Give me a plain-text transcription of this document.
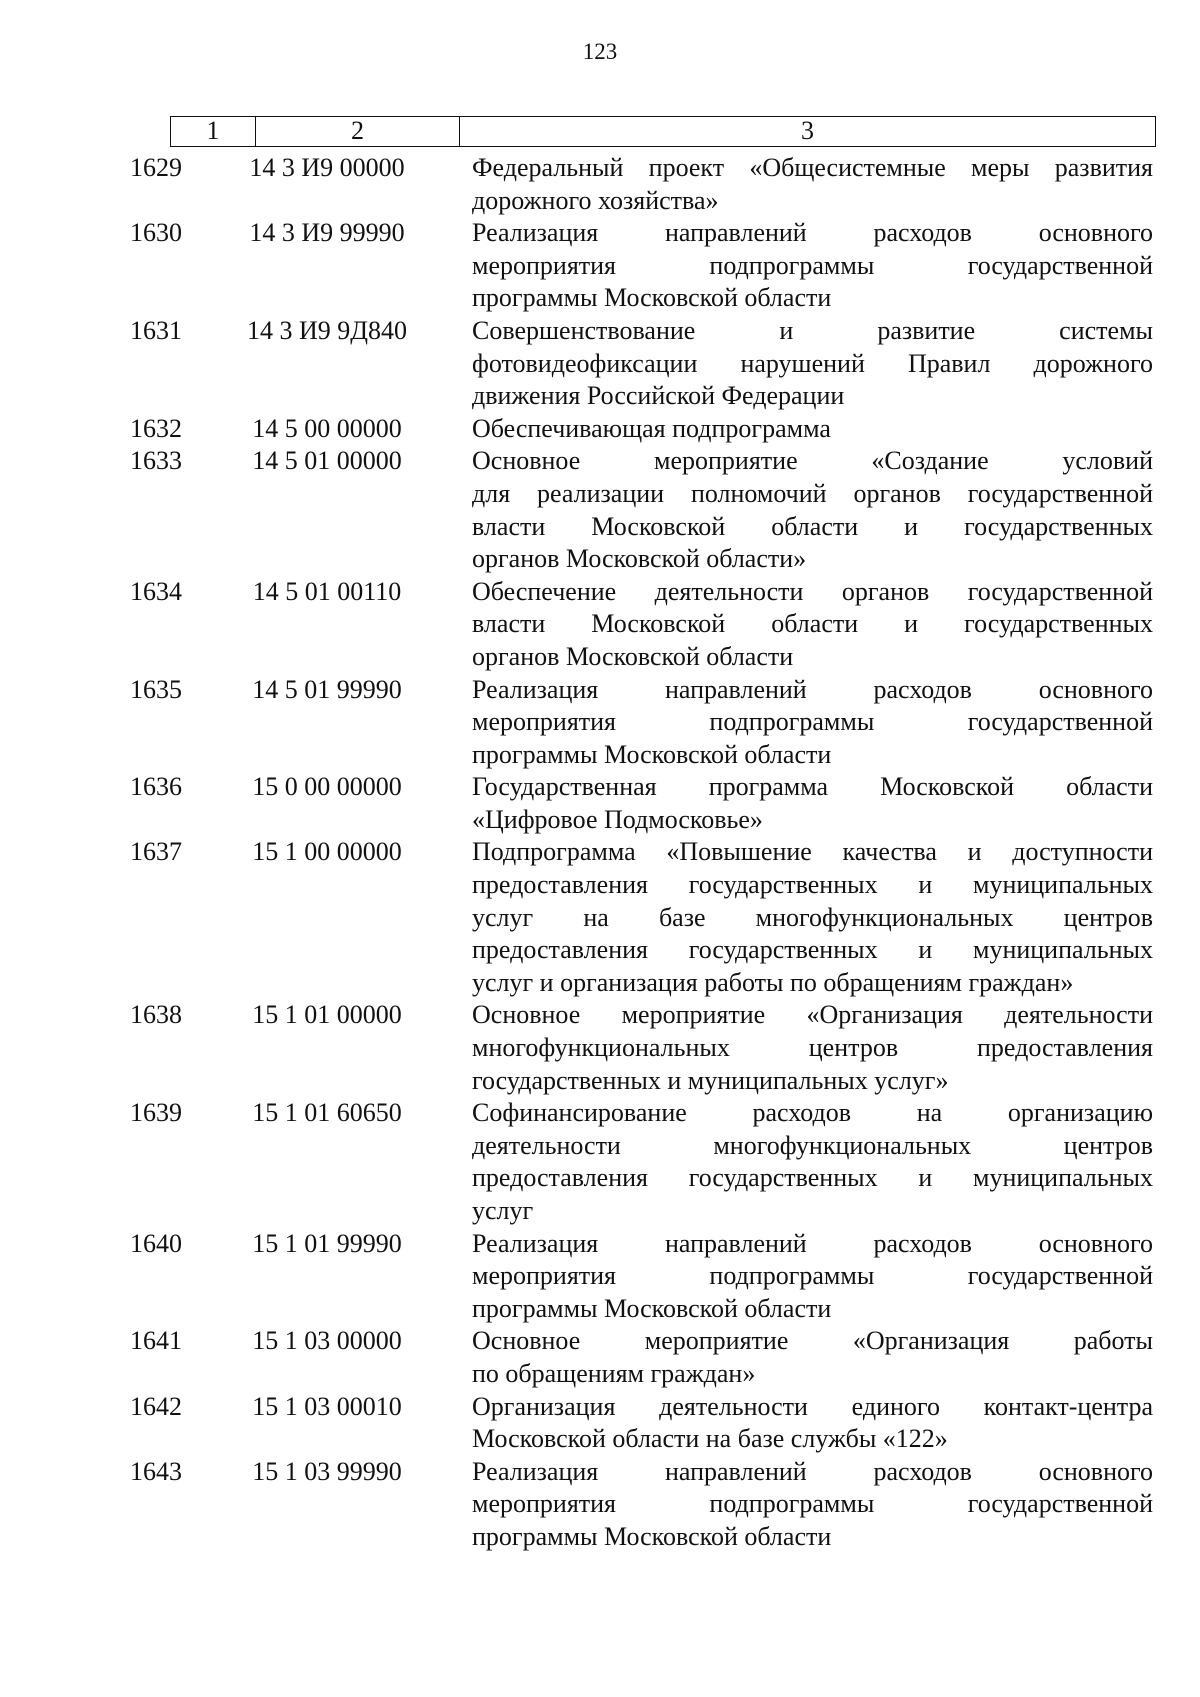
123
1	2	3
1629	14 3 И9 00000	Федеральный проект «Общесистемные меры развития
дорожного хозяйства»
1630	14 3 И9 99990	Реализация направлений расходов основного
мероприятия подпрограммы государственной
программы Московской области
1631	14 3 И9 9Д840	Совершенствование и развитие системы
фотовидеофиксации нарушений Правил дорожного
движения Российской Федерации
1632	14 5 00 00000	Обеспечивающая подпрограмма
1633	14 5 01 00000	Основное мероприятие «Создание условий
для реализации полномочий органов государственной
власти Московской области и государственных
органов Московской области»
1634	14 5 01 00110	Обеспечение деятельности органов государственной
власти Московской области и государственных
органов Московской области
1635	14 5 01 99990	Реализация направлений расходов основного
мероприятия подпрограммы государственной
программы Московской области
1636	15 0 00 00000	Государственная программа Московской области
«Цифровое Подмосковье»
1637	15 1 00 00000	Подпрограмма «Повышение качества и доступности
предоставления государственных и муниципальных
услуг на базе многофункциональных центров
предоставления государственных и муниципальных
услуг и организация работы по обращениям граждан»
1638	15 1 01 00000	Основное мероприятие «Организация деятельности
многофункциональных центров предоставления
государственных и муниципальных услуг»
1639	15 1 01 60650	Софинансирование расходов на организацию
деятельности многофункциональных центров
предоставления государственных и муниципальных
услуг
1640	15 1 01 99990	Реализация направлений расходов основного
мероприятия подпрограммы государственной
программы Московской области
1641	15 1 03 00000	Основное мероприятие «Организация работы
по обращениям граждан»
1642	15 1 03 00010	Организация деятельности единого контакт-центра
Московской области на базе службы «122»
1643	15 1 03 99990	Реализация направлений расходов основного
мероприятия подпрограммы государственной
программы Московской области
